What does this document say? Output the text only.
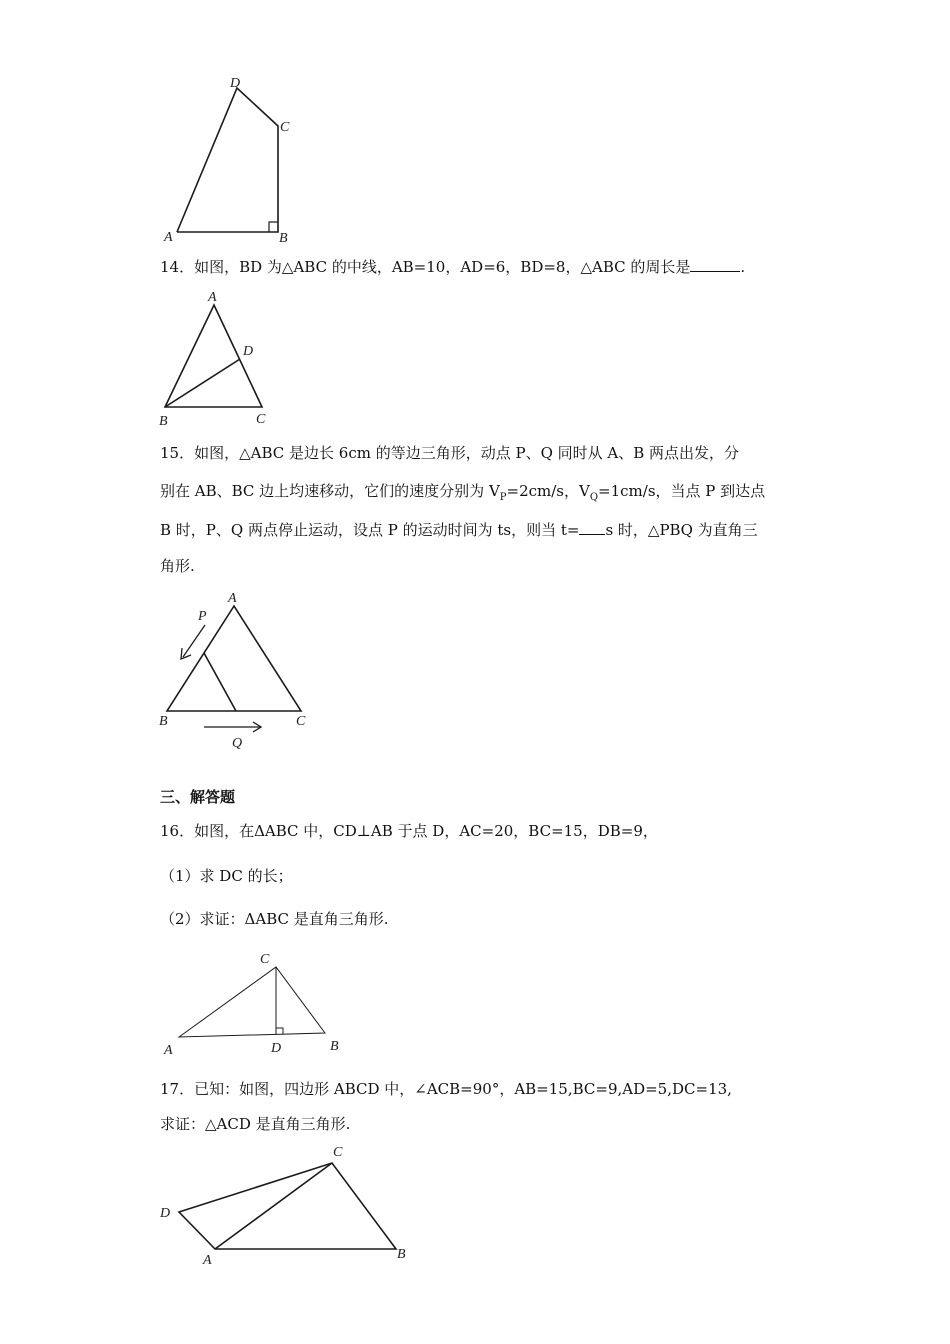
D
C
A	B
14．如图，BD 为△ABC 的中线，AB=10，AD=6，BD=8，△ABC 的周长是	.
A
D
B	C
15．如图，△ABC 是边长 6cm 的等边三角形，动点 P、Q 同时从 A、B 两点出发，分
别在 AB、BC 边上均速移动，它们的速度分别为 $V_P=2cm/s$，$V_Q=1cm/s$，当点 P 到达点
B 时，P、Q 两点停止运动，设点 P 的运动时间为 ts，则当 t= s 时，△PBQ 为直角三
角形.
A
P
B	C
Q
三、解答题
16．如图，在ΔABC 中，CD⊥AB 于点 D，AC=20，BC=15，DB=9，
（1）求 DC 的长；
（2）求证：ΔABC 是直角三角形.
C
A	D	B
17．已知：如图，四边形 ABCD 中，∠ACB=90°，AB=15,BC=9,AD=5,DC=13,
求证：△ACD 是直角三角形.
C
D
A	B
